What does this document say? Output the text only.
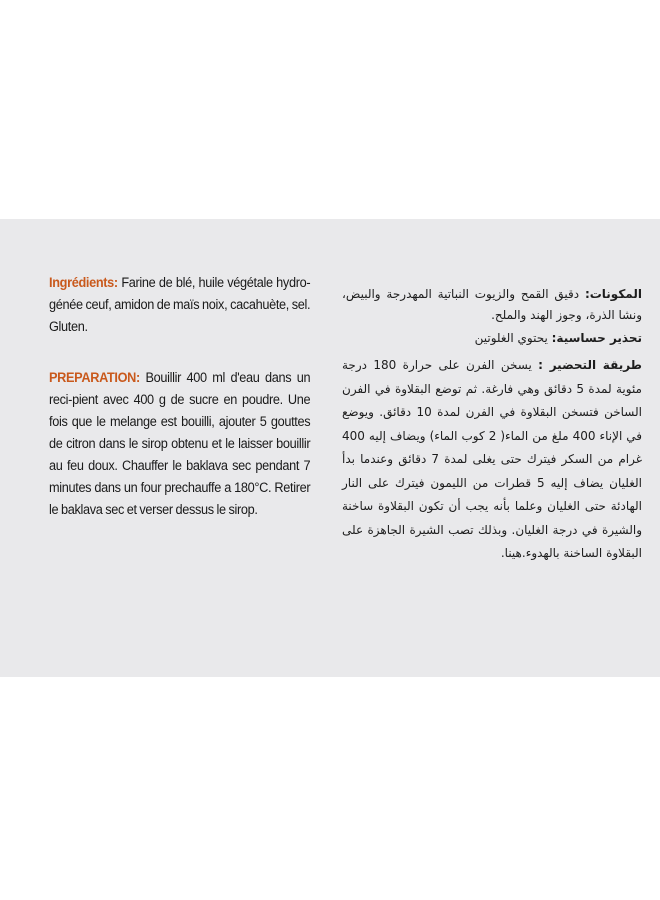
Ingrédients: Farine de blé, huile végétale hydro-génée ceuf, amidon de maïs noix, cacahuète, sel. Gluten.

PREPARATION: Bouillir 400 ml d'eau dans un reci-pient avec 400 g de sucre en poudre. Une fois que le melange est bouilli, ajouter 5 gouttes de citron dans le sirop obtenu et le laisser bouillir au feu doux. Chauffer le baklava sec pendant 7 minutes dans un four prechauffe a 180°C. Retirer le baklava sec et verser dessus le sirop.

المكونات: دقيق القمح والزيوت النباتية المهدرجة والبيض، ونشا الذرة، وجوز الهند والملح.

تحذير حساسية: يحتوي الغلوتين

طريقة التحضير : يسخن الفرن على حرارة 180 درجة مئوية لمدة 5 دقائق وهي فارغة. ثم توضع البقلاوة في الفرن الساخن فتسخن البقلاوة في الفرن لمدة 10 دقائق. ويوضع في الإناء 400 ملغ من الماء( 2 كوب الماء) ويضاف إليه 400 غرام من السكر فيترك حتى يغلى لمدة 7 دقائق وعندما بدأ الغليان يضاف إليه 5 قطرات من الليمون فيترك على النار الهادئة حتى الغليان وعلما بأنه يجب أن تكون البقلاوة ساخنة والشيرة في درجة الغليان. وبذلك تصب الشيرة الجاهزة على البقلاوة الساخنة بالهدوء.هينا.
